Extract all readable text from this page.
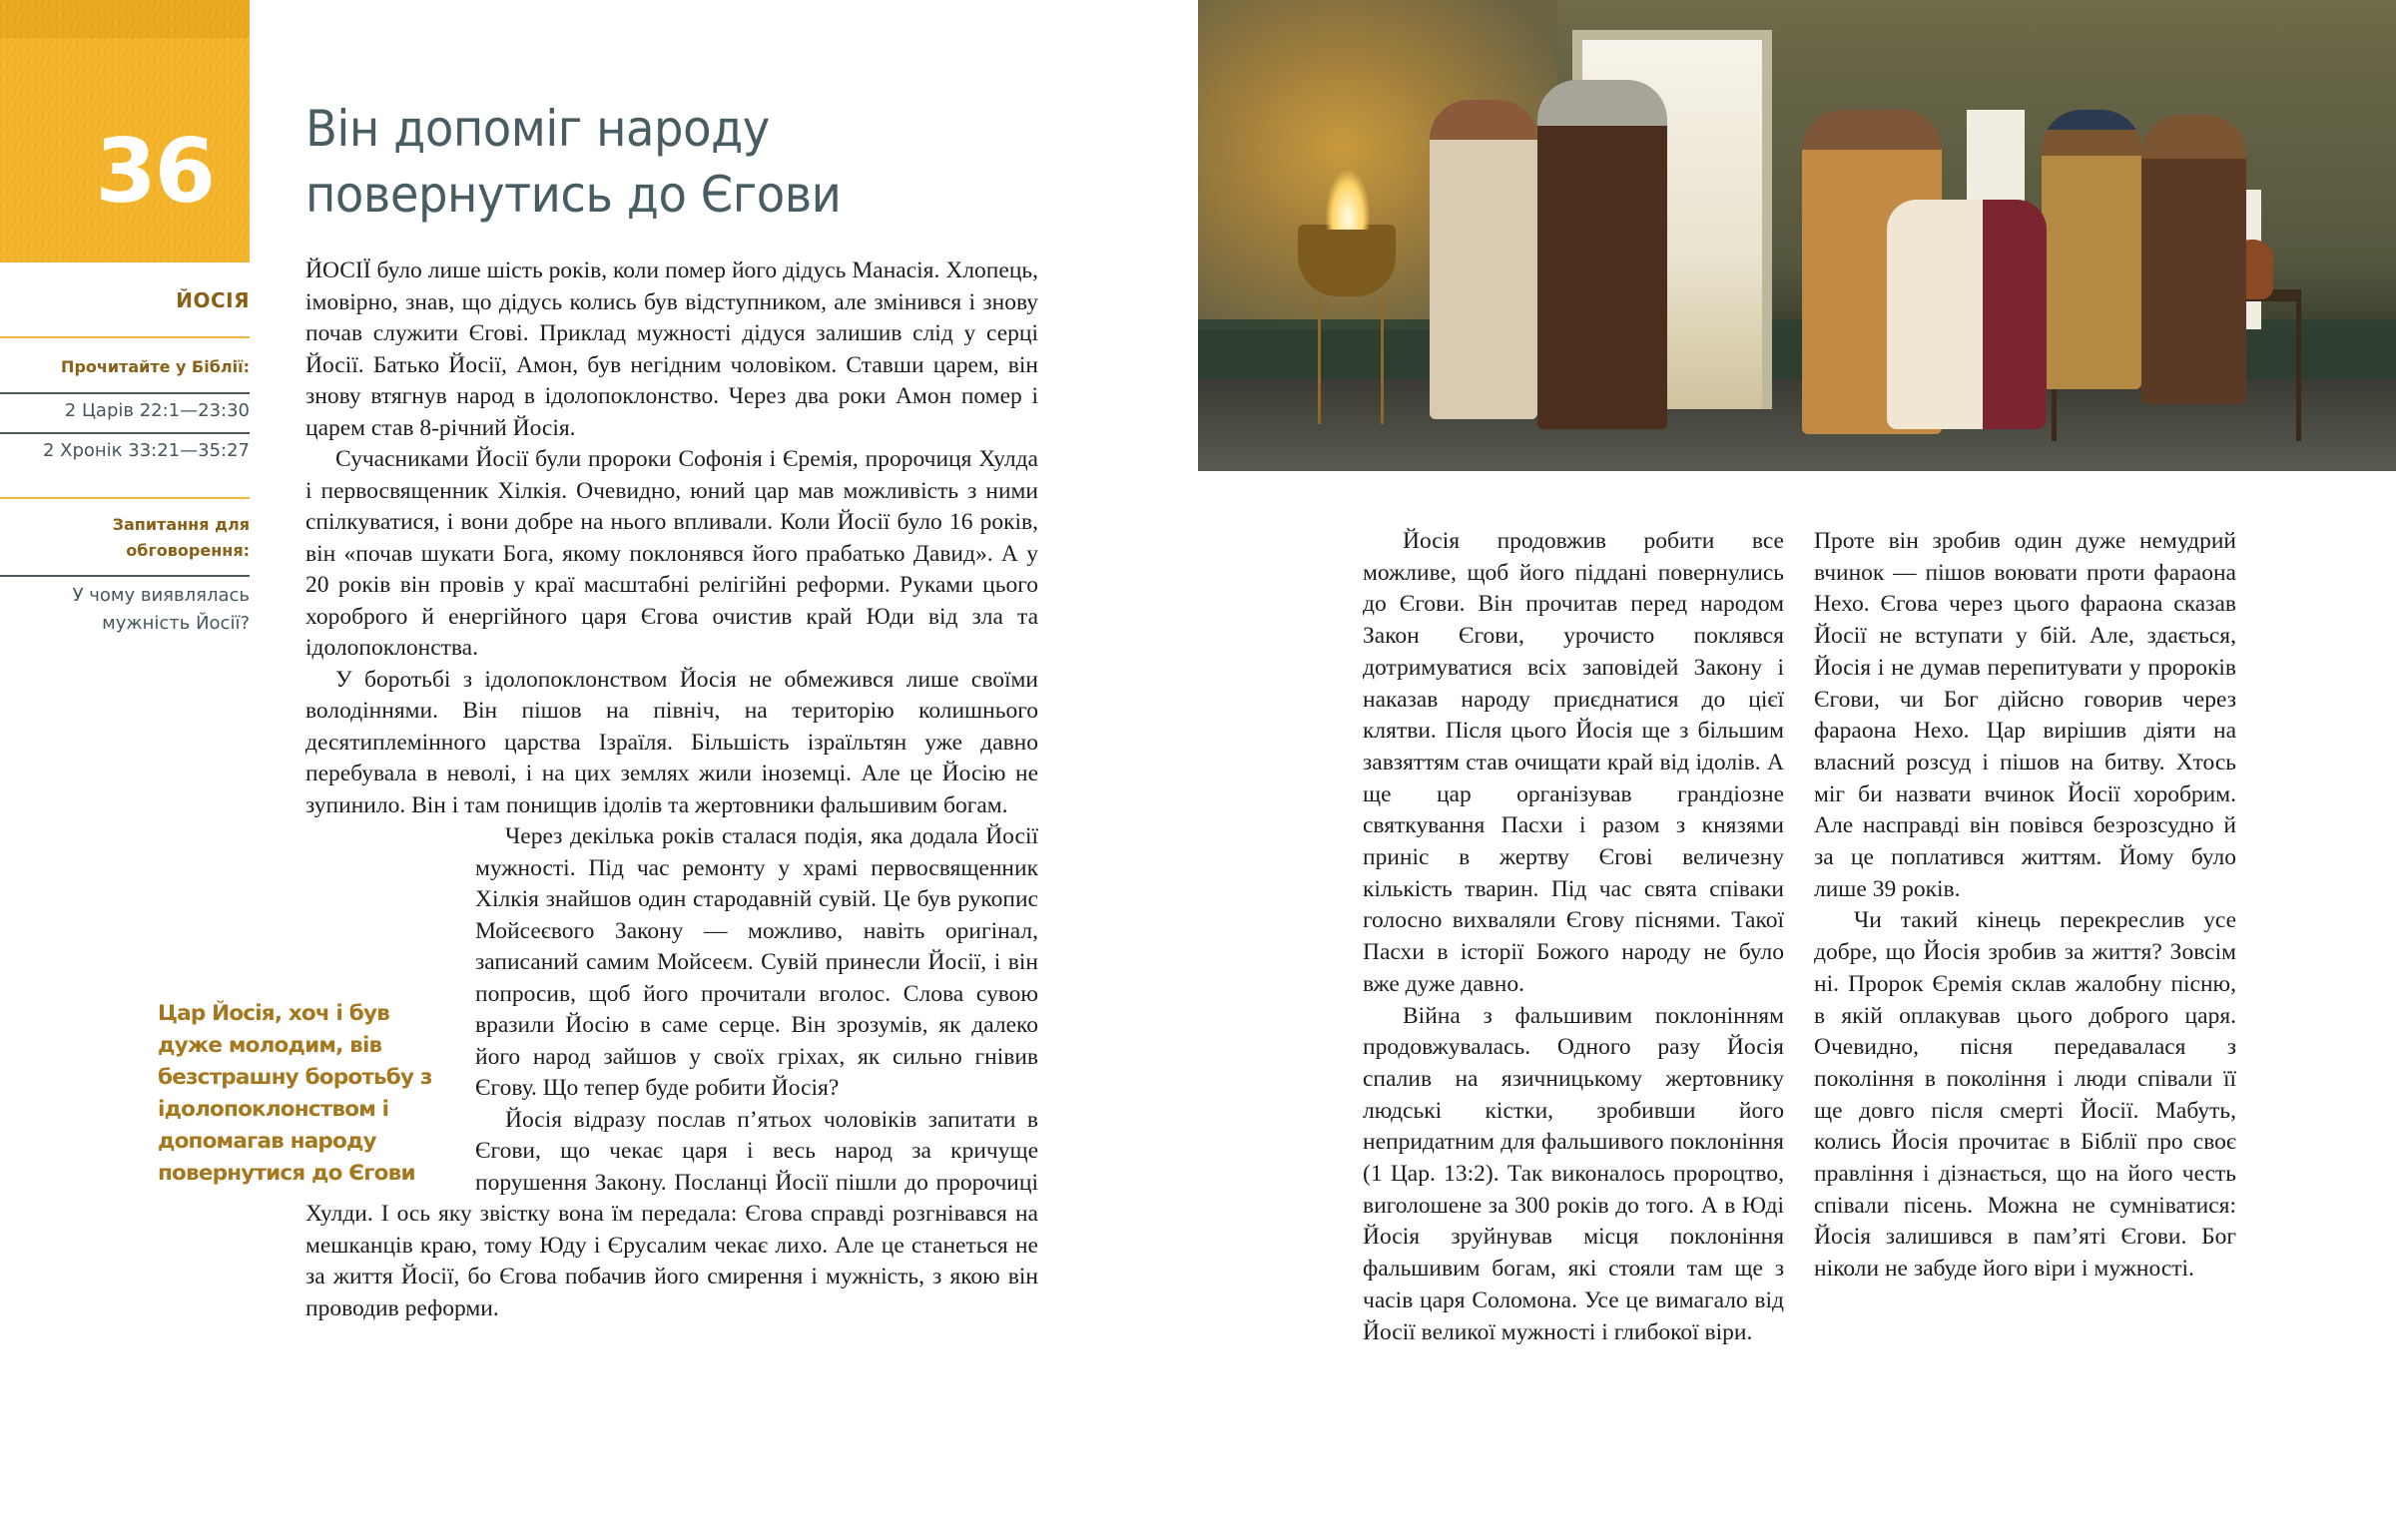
36
ЙОСІЯ
Прочитайте у Біблії:
2 Царів 22:1—23:30
2 Хронік 33:21—35:27
Запитання для
обговорення:
У чому виявлялась
мужність Йосії?
Він допоміг народу
повернутись до Єгови

ЙОСІЇ було лише шість років, коли помер його дідусь Манасія. Хлопець, імовірно, знав, що дідусь колись був відступником, але змінився і знову почав служити Єгові. Приклад мужності дідуся залишив слід у серці Йосії. Батько Йосії, Амон, був негідним чоловіком. Ставши царем, він знову втягнув народ в ідолопоклонство. Через два роки Амон помер і царем став 8-річний Йосія.

Сучасниками Йосії були пророки Софонія і Єремія, пророчиця Хулда і первосвященник Хілкія. Очевидно, юний цар мав можливість з ними спілкуватися, і вони добре на нього впливали. Коли Йосії було 16 років, він «почав шукати Бога, якому поклонявся його прабатько Давид». А у 20 років він провів у краї масштабні релігійні реформи. Руками цього хороброго й енергійного царя Єгова очистив край Юди від зла та ідолопоклонства.

У боротьбі з ідолопоклонством Йосія не обмежився лише своїми володіннями. Він пішов на північ, на територію колишнього десятиплемінного царства Ізраїля. Більшість ізраїльтян уже давно перебувала в неволі, і на цих землях жили іноземці. Але це Йосію не зупинило. Він і там понищив ідолів та жертовники фальшивим богам.

Через декілька років сталася подія, яка додала Йосії мужності. Під час ремонту у храмі первосвященник Хілкія знайшов один стародавній сувій. Це був рукопис Мойсеєвого Закону — можливо, навіть оригінал, записаний самим Мойсеєм. Сувій принесли Йосії, і він попросив, щоб його прочитали вголос. Слова сувою вразили Йосію в саме серце. Він зрозумів, як далеко його народ зайшов у своїх гріхах, як сильно гнівив Єгову. Що тепер буде робити Йосія?

Йосія відразу послав п’ятьох чоловіків запитати в Єгови, що чекає царя і весь народ за кричуще порушення Закону. Посланці Йосії пішли до пророчиці Хулди. І ось яку звістку вона їм передала: Єгова справді розгнівався на мешканців краю, тому Юду і Єрусалим чекає лихо. Але це станеться не за життя Йосії, бо Єгова побачив його смирення і мужність, з якою він проводив реформи.

Цар Йосія, хоч і був дуже молодим, вів безстрашну боротьбу з ідолопоклонством і допомагав народу повернутися до Єгови

Йосія продовжив робити все можливе, щоб його піддані повернулись до Єгови. Він прочитав перед народом Закон Єгови, урочисто поклявся дотримуватися всіх заповідей Закону і наказав народу приєднатися до цієї клятви. Після цього Йосія ще з більшим завзяттям став очищати край від ідолів. А ще цар організував грандіозне святкування Пасхи і разом з князями приніс в жертву Єгові величезну кількість тварин. Під час свята співаки голосно вихваляли Єгову піснями. Такої Пасхи в історії Божого народу не було вже дуже давно.

Війна з фальшивим поклонінням продовжувалась. Одного разу Йосія спалив на язичницькому жертовнику людські кістки, зробивши його непридатним для фальшивого поклоніння (1 Цар. 13:2). Так виконалось пророцтво, виголошене за 300 років до того. А в Юді Йосія зруйнував місця поклоніння фальшивим богам, які стояли там ще з часів царя Соломона. Усе це вимагало від Йосії великої мужності і глибокої віри.

Проте він зробив один дуже немудрий вчинок — пішов воювати проти фараона Нехо. Єгова через цього фараона сказав Йосії не вступати у бій. Але, здається, Йосія і не думав перепитувати у пророків Єгови, чи Бог дійсно говорив через фараона Нехо. Цар вирішив діяти на власний розсуд і пішов на битву. Хтось міг би назвати вчинок Йосії хоробрим. Але насправді він повівся безрозсудно й за це поплатився життям. Йому було лише 39 років.

Чи такий кінець перекреслив усе добре, що Йосія зробив за життя? Зовсім ні. Пророк Єремія склав жалобну пісню, в якій оплакував цього доброго царя. Очевидно, пісня передавалася з покоління в покоління і люди співали її ще довго після смерті Йосії. Мабуть, колись Йосія прочитає в Біблії про своє правління і дізнається, що на його честь співали пісень. Можна не сумніватися: Йосія залишився в пам’яті Єгови. Бог ніколи не забуде його віри і мужності.
